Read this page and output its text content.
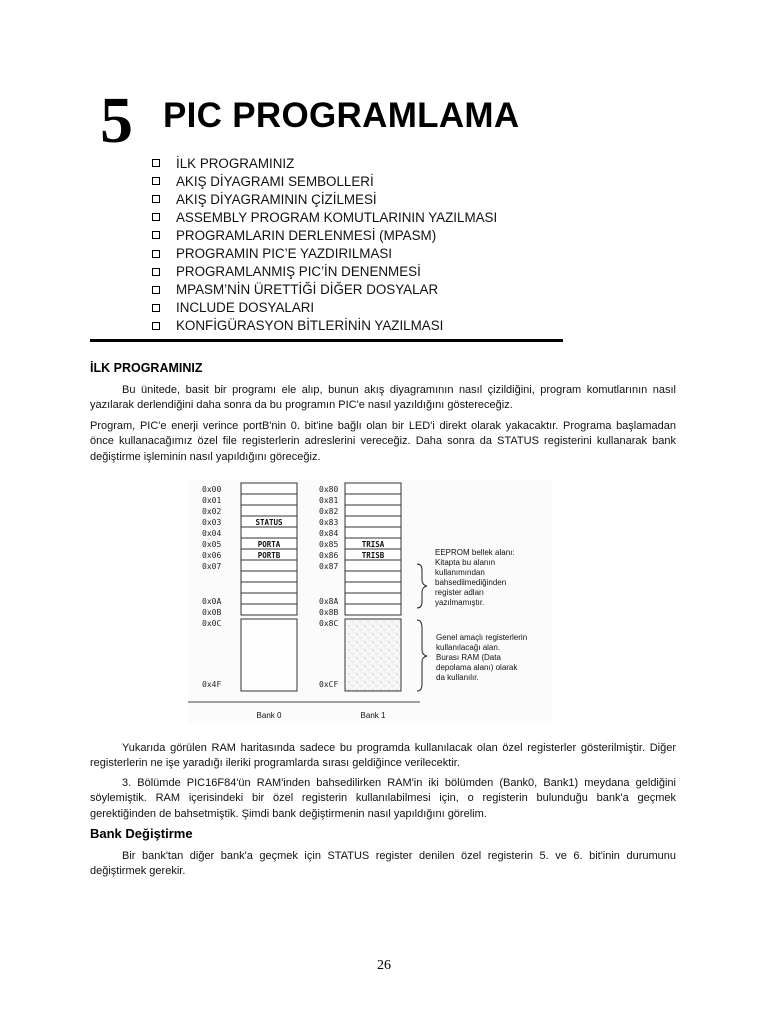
5 PIC PROGRAMLAMA
İLK PROGRAMINIZ
AKIŞ DİYAGRAMI SEMBOLLERİ
AKIŞ DİYAGRAMININ ÇİZİLMESİ
ASSEMBLY PROGRAM KOMUTLARININ YAZILMASI
PROGRAMLARIN DERLENMESİ (MPASM)
PROGRAMIN PIC’E YAZDIRILMASI
PROGRAMLANMIŞ PIC’İN DENENMESİ
MPASM’NİN ÜRETTİĞİ DİĞER DOSYALAR
INCLUDE DOSYALARI
KONFİGÜRASYON BİTLERİNİN YAZILMASI
İLK PROGRAMINIZ

Bu ünitede, basit bir programı ele alıp, bunun akış diyagramının nasıl çizildiğini, program komutlarının nasıl yazılarak derlendiğini daha sonra da bu programın PIC'e nasıl yazıldığını göstereceğiz.

Program, PIC'e enerji verince portB'nin 0. bit'ine bağlı olan bir LED'i direkt olarak yakacaktır. Programa başlamadan önce kullanacağımız özel file registerlerin adreslerini vereceğiz. Daha sonra da STATUS registerini kullanarak bank değiştirme işleminin nasıl yapıldığını göreceğiz.

0x00
0x01
0x02
0x03
0x04
0x05
0x06
0x07
0x0A
0x0B
0x0C
0x4F
0x80
0x81
0x82
0x83
0x84
0x85
0x86
0x87
0x8A
0x8B
0x8C
0xCF
STATUS
PORTA
PORTB
TRISA
TRISB	EEPROM bellek alanı:
Kitapta bu alanın
kullanımından
bahsedilmediğinden
register adları
yazılmamıştır.
Genel amaçlı registerlerin
kullanılacağı alan.
Burası RAM (Data
depolama alanı) olarak
da kullanılır.
Bank 0	Bank 1

Yukarıda görülen RAM haritasında sadece bu programda kullanılacak olan özel registerler gösterilmiştir. Diğer registerlerin ne işe yaradığı ileriki programlarda sırası geldiğince verilecektir.

3. Bölümde PIC16F84'ün RAM'inden bahsedilirken RAM'in iki bölümden (Bank0, Bank1) meydana geldiğini söylemiştik. RAM içerisindeki bir özel registerin kullanılabilmesi için, o registerin bulunduğu bank'a geçmek gerektiğinden de bahsetmiştik. Şimdi bank değiştirmenin nasıl yapıldığını görelim.

Bank Değiştirme

Bir bank'tan diğer bank'a geçmek için STATUS register denilen özel registerin 5. ve 6. bit'inin durumunu değiştirmek gerekir.

26
